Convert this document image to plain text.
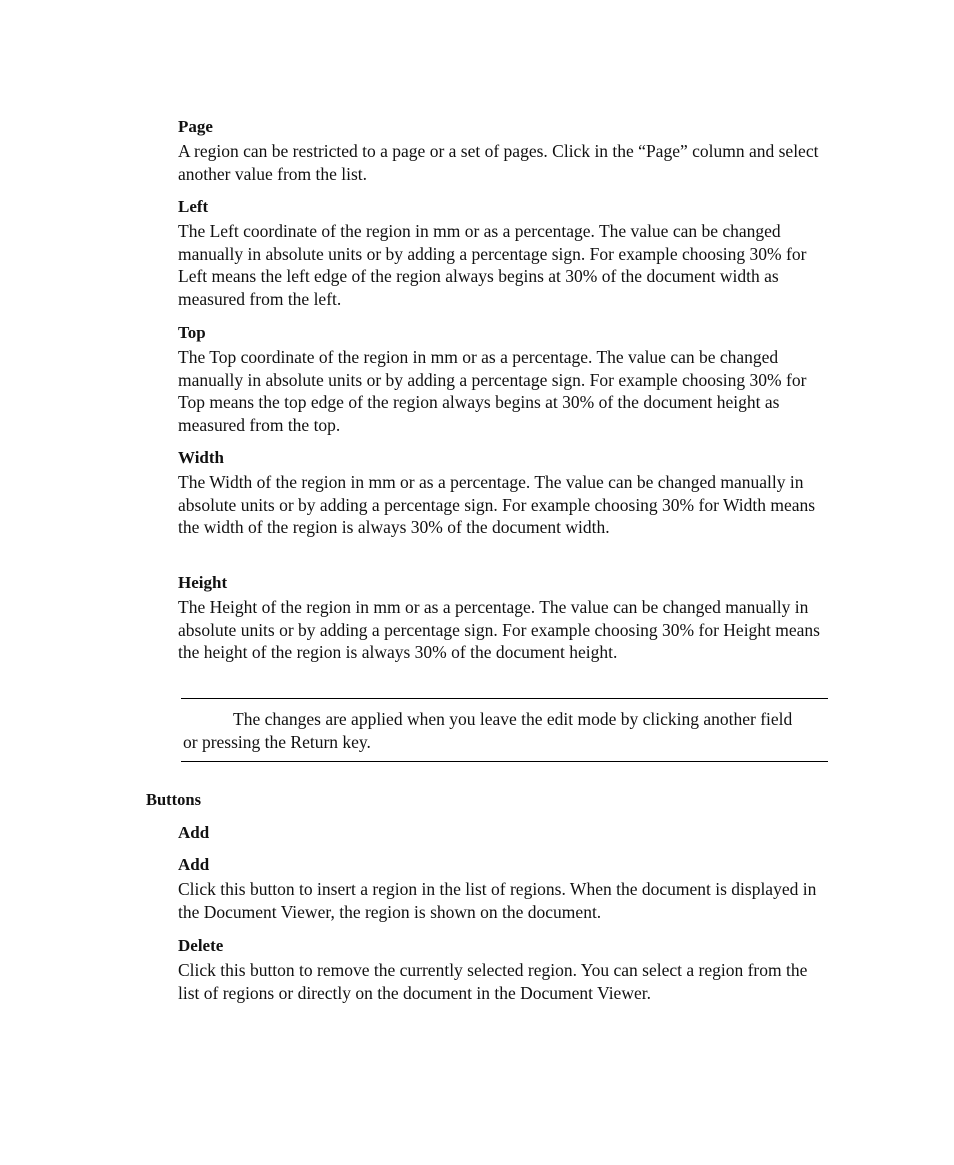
Page

A region can be restricted to a page or a set of pages. Click in the “Page” column and select another value from the list.

Left

The Left coordinate of the region in mm or as a percentage. The value can be changed manually in absolute units or by adding a percentage sign. For example choosing 30% for Left means the left edge of the region always begins at 30% of the document width as measured from the left.

Top

The Top coordinate of the region in mm or as a percentage. The value can be changed manually in absolute units or by adding a percentage sign. For example choosing 30% for Top means the top edge of the region always begins at 30% of the document height as measured from the top.

Width

The Width of the region in mm or as a percentage. The value can be changed manually in absolute units or by adding a percentage sign. For example choosing 30% for Width means the width of the region is always 30% of the document width.

Height

The Height of the region in mm or as a percentage. The value can be changed manually in absolute units or by adding a percentage sign. For example choosing 30% for Height means the height of the region is always 30% of the document height.

The changes are applied when you leave the edit mode by clicking another field or pressing the Return key.

Buttons

Add

Add

Click this button to insert a region in the list of regions. When the document is displayed in the Document Viewer, the region is shown on the document.

Delete

Click this button to remove the currently selected region. You can select a region from the list of regions or directly on the document in the Document Viewer.
